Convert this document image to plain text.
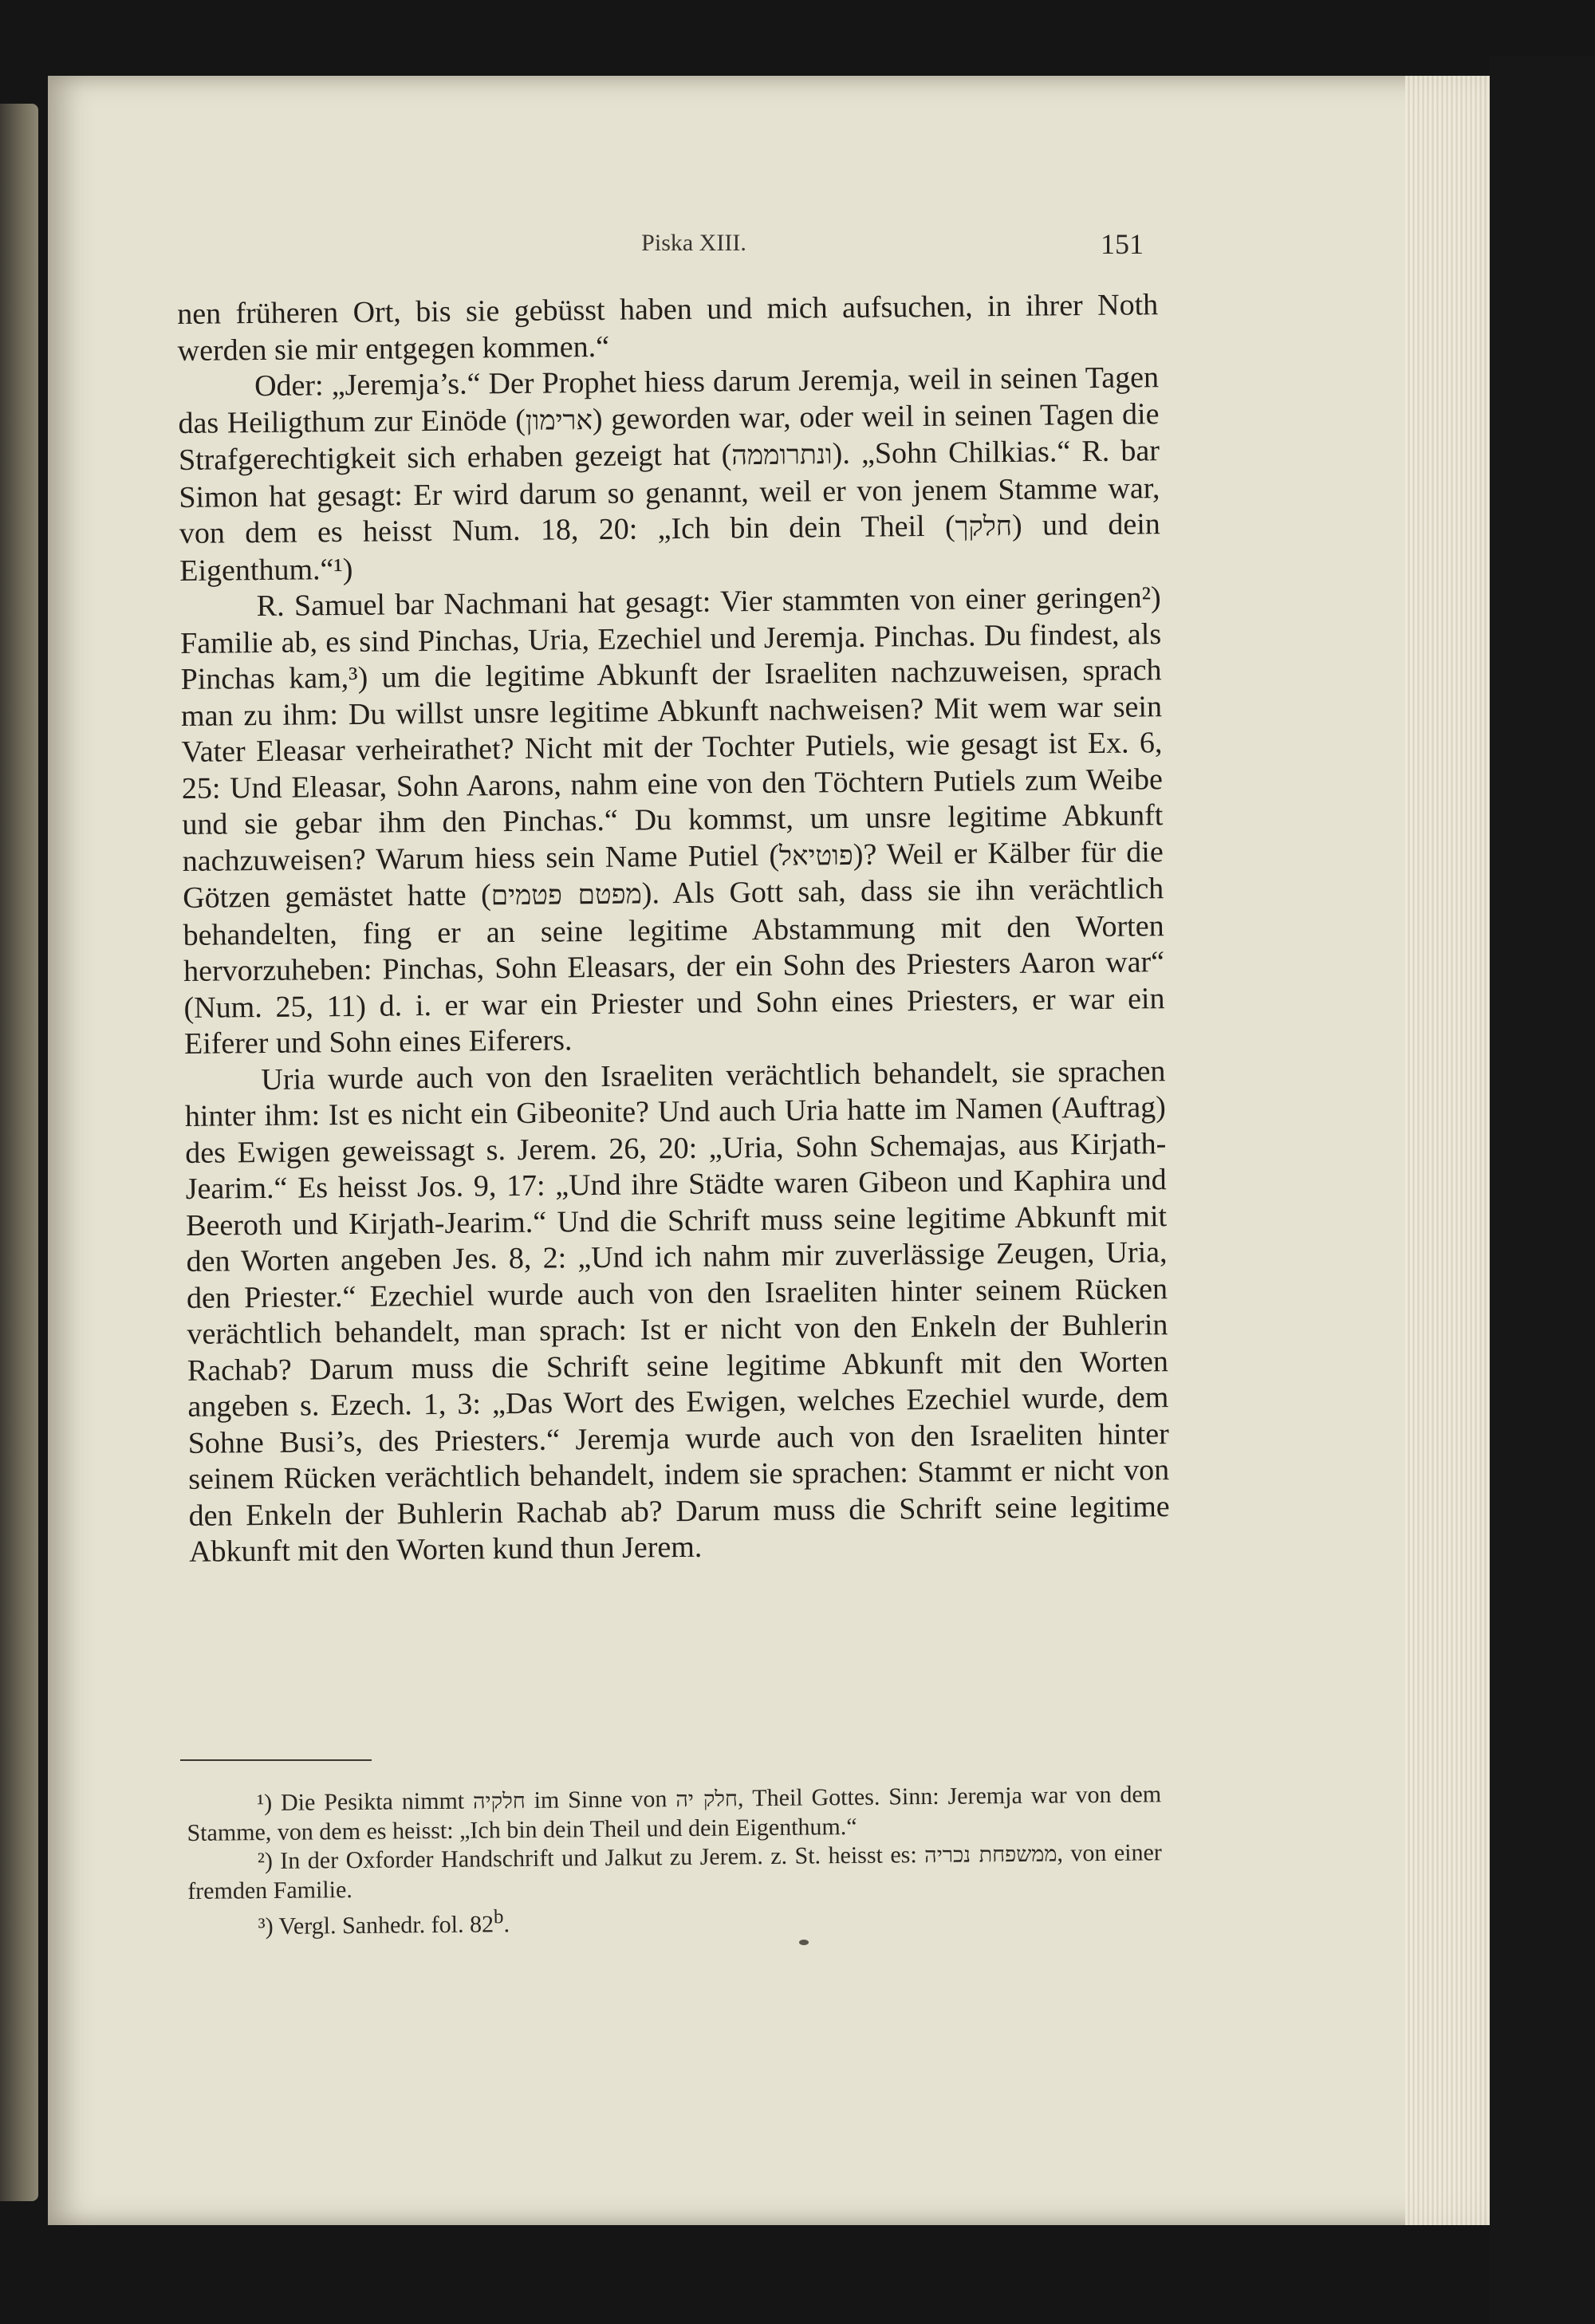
Piska XIII.	151

nen früheren Ort, bis sie gebüsst haben und mich aufsuchen, in ihrer Noth werden sie mir entgegen kommen.“

Oder: „Jeremja’s.“ Der Prophet hiess darum Jeremja, weil in seinen Tagen das Heiligthum zur Einöde (ארימון) geworden war, oder weil in seinen Tagen die Strafgerechtigkeit sich erhaben gezeigt hat (ונתרוממה). „Sohn Chilkias.“ R. bar Simon hat gesagt: Er wird darum so genannt, weil er von jenem Stamme war, von dem es heisst Num. 18, 20: „Ich bin dein Theil (חלקך) und dein Eigenthum.“¹)

R. Samuel bar Nachmani hat gesagt: Vier stammten von einer geringen²) Familie ab, es sind Pinchas, Uria, Ezechiel und Jeremja. Pinchas. Du findest, als Pinchas kam,³) um die legitime Abkunft der Israeliten nachzuweisen, sprach man zu ihm: Du willst unsre legitime Abkunft nachweisen? Mit wem war sein Vater Eleasar verheirathet? Nicht mit der Tochter Putiels, wie gesagt ist Ex. 6, 25: Und Eleasar, Sohn Aarons, nahm eine von den Töchtern Putiels zum Weibe und sie gebar ihm den Pinchas.“ Du kommst, um unsre legitime Abkunft nachzuweisen? Warum hiess sein Name Putiel (פוטיאל)? Weil er Kälber für die Götzen gemästet hatte (מפטם פטמים). Als Gott sah, dass sie ihn verächtlich behandelten, fing er an seine legitime Abstammung mit den Worten hervorzuheben: Pinchas, Sohn Eleasars, der ein Sohn des Priesters Aaron war“ (Num. 25, 11) d. i. er war ein Priester und Sohn eines Priesters, er war ein Eiferer und Sohn eines Eiferers.

Uria wurde auch von den Israeliten verächtlich behandelt, sie sprachen hinter ihm: Ist es nicht ein Gibeonite? Und auch Uria hatte im Namen (Auftrag) des Ewigen geweissagt s. Jerem. 26, 20: „Uria, Sohn Schemajas, aus Kirjath-Jearim.“ Es heisst Jos. 9, 17: „Und ihre Städte waren Gibeon und Kaphira und Beeroth und Kirjath-Jearim.“ Und die Schrift muss seine legitime Abkunft mit den Worten angeben Jes. 8, 2: „Und ich nahm mir zuverlässige Zeugen, Uria, den Priester.“ Ezechiel wurde auch von den Israeliten hinter seinem Rücken verächtlich behandelt, man sprach: Ist er nicht von den Enkeln der Buhlerin Rachab? Darum muss die Schrift seine legitime Abkunft mit den Worten angeben s. Ezech. 1, 3: „Das Wort des Ewigen, welches Ezechiel wurde, dem Sohne Busi’s, des Priesters.“ Jeremja wurde auch von den Israeliten hinter seinem Rücken verächtlich behandelt, indem sie sprachen: Stammt er nicht von den Enkeln der Buhlerin Rachab ab? Darum muss die Schrift seine legitime Abkunft mit den Worten kund thun Jerem.

¹) Die Pesikta nimmt חלקיה im Sinne von חלק יה, Theil Gottes. Sinn: Jeremja war von dem Stamme, von dem es heisst: „Ich bin dein Theil und dein Eigenthum.“

²) In der Oxforder Handschrift und Jalkut zu Jerem. z. St. heisst es: ממשפחת נכריה, von einer fremden Familie.

³) Vergl. Sanhedr. fol. 82$^b$.
